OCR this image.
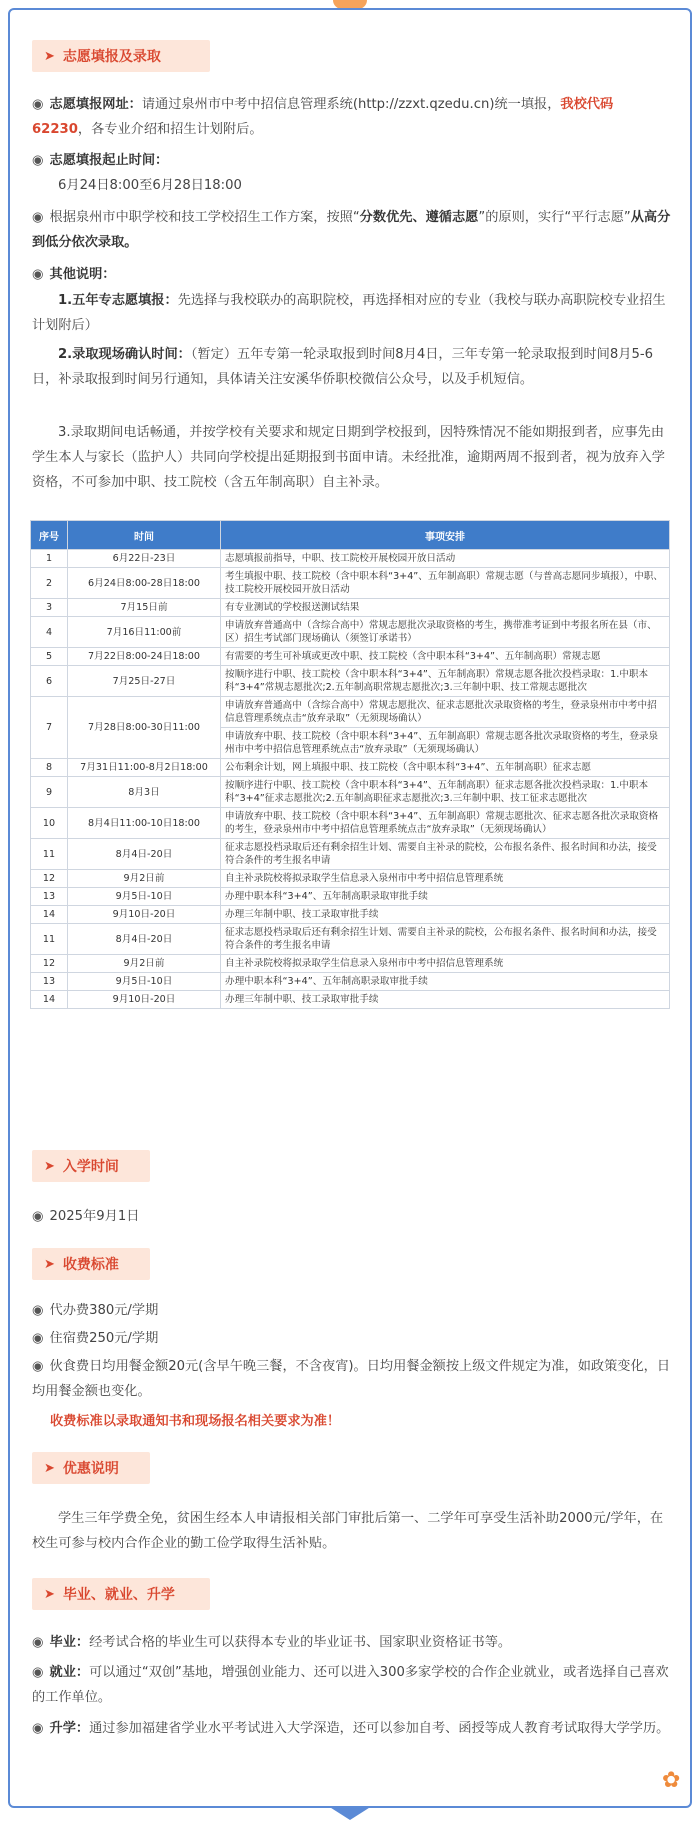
✿
➤ 志愿填报及录取
◉ 志愿填报网址：请通过泉州市中考中招信息管理系统(http://zzxt.qzedu.cn)统一填报，我校代码62230，各专业介绍和招生计划附后。
◉ 志愿填报起止时间：
6月24日8:00至6月28日18:00
◉ 根据泉州市中职学校和技工学校招生工作方案，按照“分数优先、遵循志愿”的原则，实行“平行志愿”从高分到低分依次录取。
◉ 其他说明：
1.五年专志愿填报：先选择与我校联办的高职院校，再选择相对应的专业（我校与联办高职院校专业招生计划附后）
2.录取现场确认时间：（暂定）五年专第一轮录取报到时间8月4日，三年专第一轮录取报到时间8月5-6日，补录取报到时间另行通知，具体请关注安溪华侨职校微信公众号，以及手机短信。
3.录取期间电话畅通，并按学校有关要求和规定日期到学校报到，因特殊情况不能如期报到者，应事先由学生本人与家长（监护人）共同向学校提出延期报到书面申请。未经批准，逾期两周不报到者，视为放弃入学资格，不可参加中职、技工院校（含五年制高职）自主补录。
序号	时间	事项安排
1	6月22日-23日	志愿填报前指导，中职、技工院校开展校园开放日活动
2	6月24日8:00-28日18:00	考生填报中职、技工院校（含中职本科“3+4”、五年制高职）常规志愿（与普高志愿同步填报），中职、技工院校开展校园开放日活动
3	7月15日前	有专业测试的学校报送测试结果
4	7月16日11:00前	申请放弃普通高中（含综合高中）常规志愿批次录取资格的考生，携带准考证到中考报名所在县（市、区）招生考试部门现场确认（须签订承诺书）
5	7月22日8:00-24日18:00	有需要的考生可补填或更改中职、技工院校（含中职本科“3+4”、五年制高职）常规志愿
6	7月25日-27日	按顺序进行中职、技工院校（含中职本科“3+4”、五年制高职）常规志愿各批次投档录取：1.中职本科“3+4”常规志愿批次;2.五年制高职常规志愿批次;3.三年制中职、技工常规志愿批次
7	7月28日8:00-30日11:00	申请放弃普通高中（含综合高中）常规志愿批次、征求志愿批次录取资格的考生，登录泉州市中考中招信息管理系统点击“放弃录取”（无须现场确认）
		申请放弃中职、技工院校（含中职本科“3+4”、五年制高职）常规志愿各批次录取资格的考生，登录泉州市中考中招信息管理系统点击“放弃录取”（无须现场确认）
8	7月31日11:00-8月2日18:00	公布剩余计划，网上填报中职、技工院校（含中职本科“3+4”、五年制高职）征求志愿
9	8月3日	按顺序进行中职、技工院校（含中职本科“3+4”、五年制高职）征求志愿各批次投档录取：1.中职本科“3+4”征求志愿批次;2.五年制高职征求志愿批次;3.三年制中职、技工征求志愿批次
10	8月4日11:00-10日18:00	申请放弃中职、技工院校（含中职本科“3+4”、五年制高职）常规志愿批次、征求志愿各批次录取资格的考生，登录泉州市中考中招信息管理系统点击“放弃录取”（无须现场确认）
11	8月4日-20日	征求志愿投档录取后还有剩余招生计划、需要自主补录的院校，公布报名条件、报名时间和办法，接受符合条件的考生报名申请
12	9月2日前	自主补录院校将拟录取学生信息录入泉州市中考中招信息管理系统
13	9月5日-10日	办理中职本科“3+4”、五年制高职录取审批手续
14	9月10日-20日	办理三年制中职、技工录取审批手续
11	8月4日-20日	征求志愿投档录取后还有剩余招生计划、需要自主补录的院校，公布报名条件、报名时间和办法，接受符合条件的考生报名申请
12	9月2日前	自主补录院校将拟录取学生信息录入泉州市中考中招信息管理系统
13	9月5日-10日	办理中职本科“3+4”、五年制高职录取审批手续
14	9月10日-20日	办理三年制中职、技工录取审批手续
➤ 入学时间
◉ 2025年9月1日
➤ 收费标准
◉ 代办费380元/学期
◉ 住宿费250元/学期
◉ 伙食费日均用餐金额20元(含早午晚三餐，不含夜宵)。日均用餐金额按上级文件规定为准，如政策变化，日均用餐金额也变化。
收费标准以录取通知书和现场报名相关要求为准！
➤ 优惠说明
学生三年学费全免，贫困生经本人申请报相关部门审批后第一、二学年可享受生活补助2000元/学年，在校生可参与校内合作企业的勤工俭学取得生活补贴。
➤ 毕业、就业、升学
◉ 毕业：经考试合格的毕业生可以获得本专业的毕业证书、国家职业资格证书等。
◉ 就业：可以通过“双创”基地，增强创业能力、还可以进入300多家学校的合作企业就业，或者选择自己喜欢的工作单位。
◉ 升学：通过参加福建省学业水平考试进入大学深造，还可以参加自考、函授等成人教育考试取得大学学历。
